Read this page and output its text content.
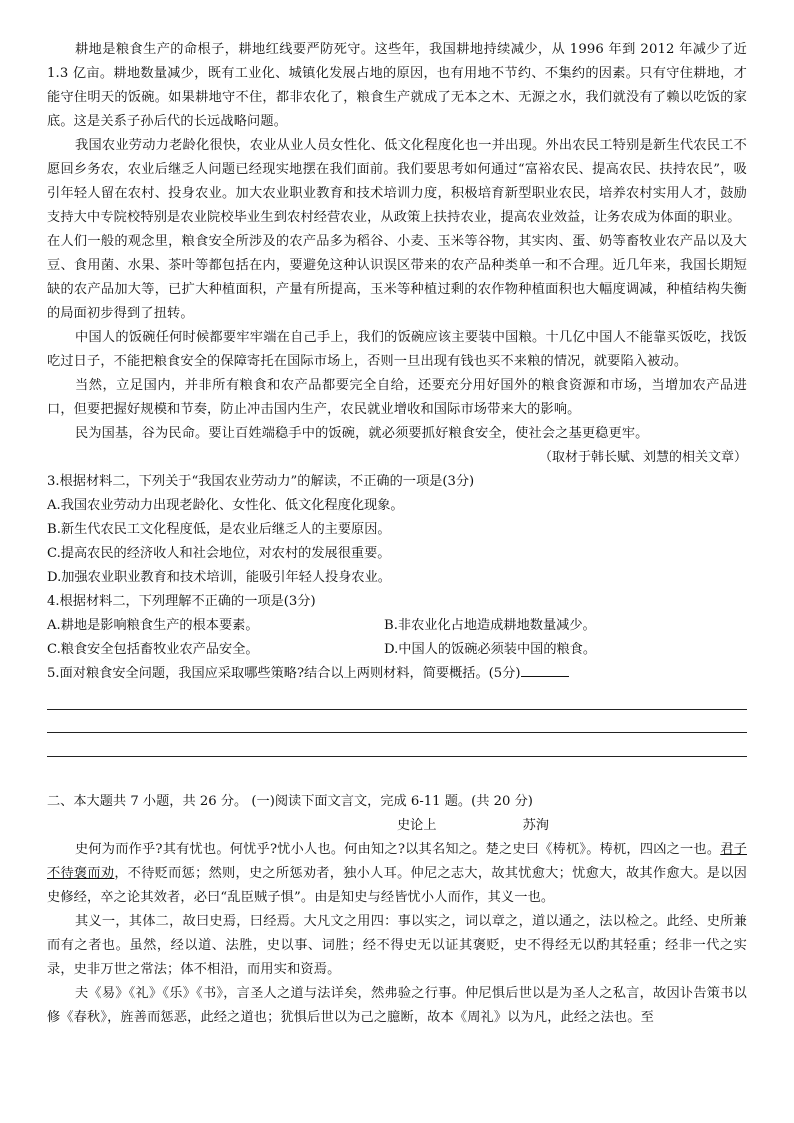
耕地是粮食生产的命根子，耕地红线要严防死守。这些年，我国耕地持续减少，从 1996 年到 2012 年减少了近 1.3 亿亩。耕地数量减少，既有工业化、城镇化发展占地的原因，也有用地不节约、不集约的因素。只有守住耕地，才能守住明天的饭碗。如果耕地守不住，都非农化了，粮食生产就成了无本之木、无源之水，我们就没有了赖以吃饭的家底。这是关系子孙后代的长远战略问题。

我国农业劳动力老龄化很快，农业从业人员女性化、低文化程度化也一并出现。外出农民工特别是新生代农民工不愿回乡务农，农业后继乏人问题已经现实地摆在我们面前。我们要思考如何通过“富裕农民、提高农民、扶持农民”，吸引年轻人留在农村、投身农业。加大农业职业教育和技术培训力度，积极培育新型职业农民，培养农村实用人才，鼓励支持大中专院校特别是农业院校毕业生到农村经营农业，从政策上扶持农业，提高农业效益，让务农成为体面的职业。

在人们一般的观念里，粮食安全所涉及的农产品多为稻谷、小麦、玉米等谷物，其实肉、蛋、奶等畜牧业农产品以及大豆、食用菌、水果、茶叶等都包括在内，要避免这种认识误区带来的农产品种类单一和不合理。近几年来，我国长期短缺的农产品加大等，已扩大种植面积，产量有所提高，玉米等种植过剩的农作物种植面积也大幅度调减，种植结构失衡的局面初步得到了扭转。

中国人的饭碗任何时候都要牢牢端在自己手上，我们的饭碗应该主要装中国粮。十几亿中国人不能靠买饭吃，找饭吃过日子，不能把粮食安全的保障寄托在国际市场上，否则一旦出现有钱也买不来粮的情况，就要陷入被动。

当然，立足国内，并非所有粮食和农产品都要完全自给，还要充分用好国外的粮食资源和市场，当增加农产品进口，但要把握好规模和节奏，防止冲击国内生产，农民就业增收和国际市场带来大的影响。

民为国基，谷为民命。要让百姓端稳手中的饭碗，就必须要抓好粮食安全，使社会之基更稳更牢。

（取材于韩长赋、刘慧的相关文章）

3.根据材料二，下列关于“我国农业劳动力”的解读，不正确的一项是(3分)

A.我国农业劳动力出现老龄化、女性化、低文化程度化现象。

B.新生代农民工文化程度低，是农业后继乏人的主要原因。

C.提高农民的经济收人和社会地位，对农村的发展很重要。

D.加强农业职业教育和技术培训，能吸引年轻人投身农业。

4.根据材料二，下列理解不正确的一项是(3分)

A.耕地是影响粮食生产的根本要素。	B.非农业化占地造成耕地数量减少。
C.粮食安全包括畜牧业农产品安全。	D.中国人的饭碗必须装中国的粮食。

5.面对粮食安全问题，我国应采取哪些策略?结合以上两则材料，简要概括。(5分)

二、本大题共 7 小题，共 26 分。 (一)阅读下面文言文，完成 6-11 题。(共 20 分)

史论上	苏洵

史何为而作乎?其有忧也。何忧乎?忧小人也。何由知之?以其名知之。楚之史曰《梼杌》。梼杌，四凶之一也。君子不待褒而劝，不待贬而惩；然则，史之所惩劝者，独小人耳。仲尼之志大，故其忧愈大；忧愈大，故其作愈大。是以因史修经，卒之论其效者，必曰“乱臣贼子惧”。由是知史与经皆忧小人而作，其义一也。

其义一，其体二，故曰史焉，曰经焉。大凡文之用四：事以实之，词以章之，道以通之，法以检之。此经、史所兼而有之者也。虽然，经以道、法胜，史以事、词胜；经不得史无以证其褒贬，史不得经无以酌其轻重；经非一代之实录，史非万世之常法；体不相沿，而用实和资焉。

夫《易》《礼》《乐》《书》，言圣人之道与法详矣，然弗验之行事。仲尼惧后世以是为圣人之私言，故因讣告策书以修《春秋》，旌善而惩恶，此经之道也；犹惧后世以为己之臆断，故本《周礼》以为凡，此经之法也。至
